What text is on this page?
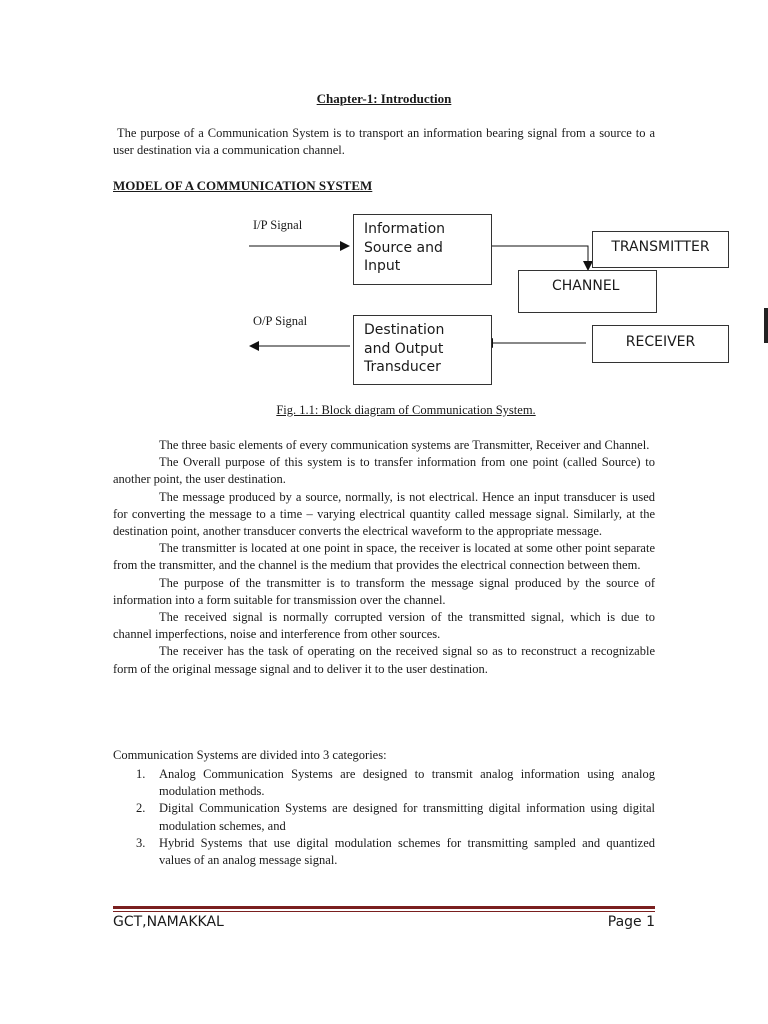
Chapter-1: Introduction
The purpose of a Communication System is to transport an information bearing signal from a source to a user destination via a communication channel.
MODEL OF A COMMUNICATION SYSTEM
I/P Signal
O/P Signal
Information
Source and
Input
TRANSMITTER
CHANNEL
Destination
and Output
Transducer
RECEIVER
Fig. 1.1: Block diagram of Communication System.

The three basic elements of every communication systems are Transmitter, Receiver and Channel.

The Overall purpose of this system is to transfer information from one point (called Source) to another point, the user destination.

The message produced by a source, normally, is not electrical. Hence an input transducer is used for converting the message to a time – varying electrical quantity called message signal. Similarly, at the destination point, another transducer converts the electrical waveform to the appropriate message.

The transmitter is located at one point in space, the receiver is located at some other point separate from the transmitter, and the channel is the medium that provides the electrical connection between them.

The purpose of the transmitter is to transform the message signal produced by the source of information into a form suitable for transmission over the channel.

The received signal is normally corrupted version of the transmitted signal, which is due to channel imperfections, noise and interference from other sources.

The receiver has the task of operating on the received signal so as to reconstruct a recognizable form of the original message signal and to deliver it to the user destination.

Communication Systems are divided into 3 categories:
1. Analog Communication Systems are designed to transmit analog information using analog modulation methods.
2. Digital Communication Systems are designed for transmitting digital information using digital modulation schemes, and
3. Hybrid Systems that use digital modulation schemes for transmitting sampled and quantized values of an analog message signal.
GCT,NAMAKKAL	Page 1
